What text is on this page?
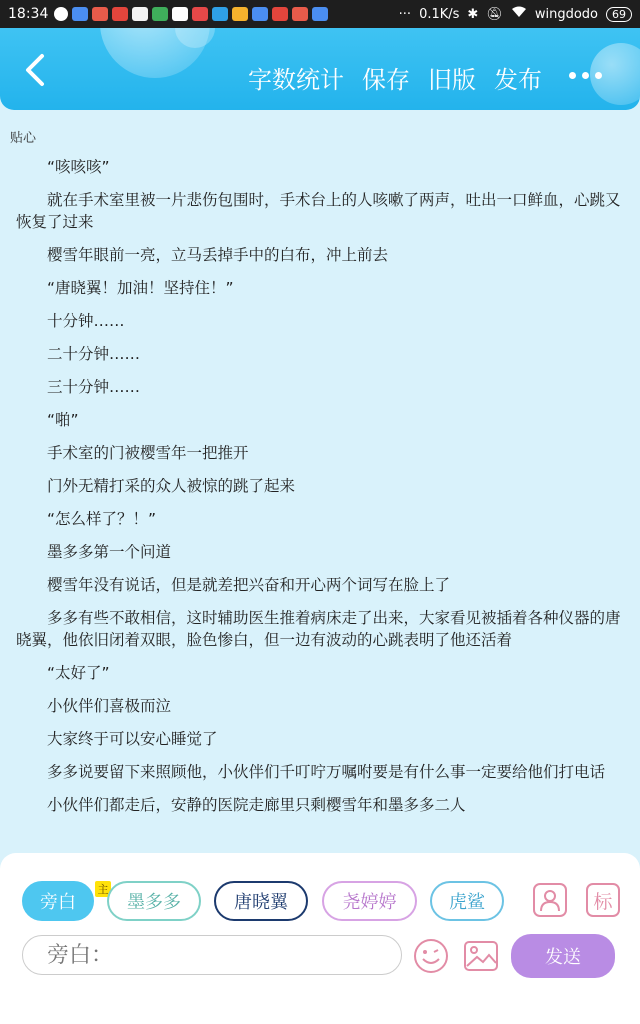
18:34	··· 0.1K/s ✱ 🔕︎ wingdodo	69
字数统计 保存 旧版 发布
贴心

“咳咳咳”

就在手术室里被一片悲伤包围时，手术台上的人咳嗽了两声，吐出一口鲜血，心跳又恢复了过来

樱雪年眼前一亮，立马丢掉手中的白布，冲上前去

“唐晓翼！加油！坚持住！”

十分钟……

二十分钟……

三十分钟……

“啪”

手术室的门被樱雪年一把推开

门外无精打采的众人被惊的跳了起来

“怎么样了？！”

墨多多第一个问道

樱雪年没有说话，但是就差把兴奋和开心两个词写在脸上了

多多有些不敢相信，这时辅助医生推着病床走了出来，大家看见被插着各种仪器的唐晓翼，他依旧闭着双眼，脸色惨白，但一边有波动的心跳表明了他还活着

“太好了”

小伙伴们喜极而泣

大家终于可以安心睡觉了

多多说要留下来照顾他，小伙伴们千叮咛万嘱咐要是有什么事一定要给他们打电话

小伙伴们都走后，安静的医院走廊里只剩樱雪年和墨多多二人

旁白
主
墨多多	唐晓翼	尧婷婷	虎鲨	标
旁白：
发送
